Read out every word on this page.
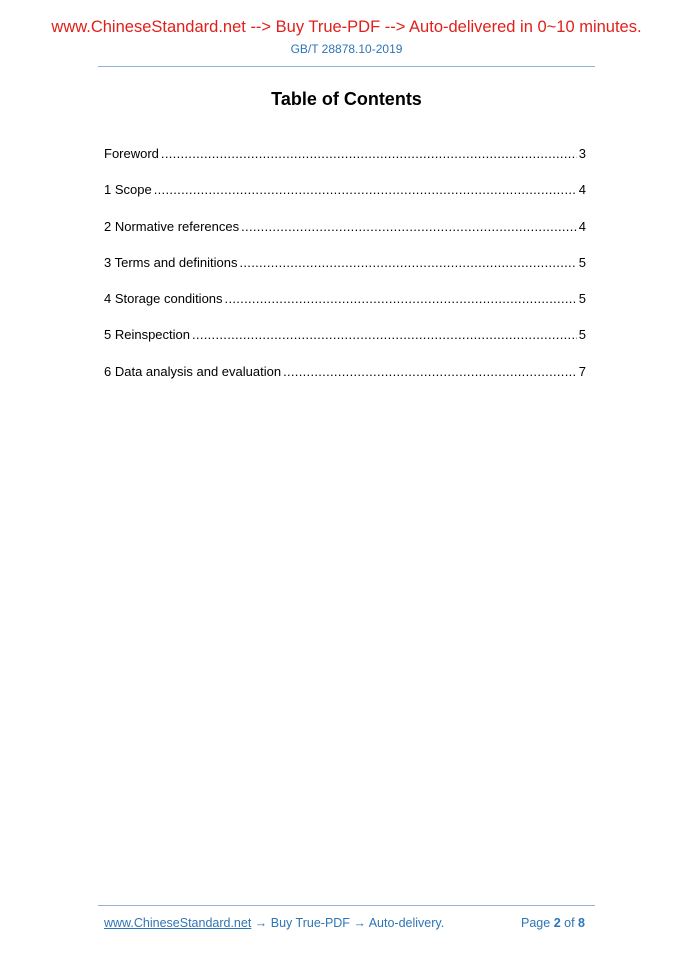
www.ChineseStandard.net --> Buy True-PDF --> Auto-delivered in 0~10 minutes.
GB/T 28878.10-2019
Table of Contents
Foreword .....	3
1 Scope .....	4
2 Normative references .....	4
3 Terms and definitions .....	5
4 Storage conditions .....	5
5 Reinspection .....	5
6 Data analysis and evaluation .....	7
www.ChineseStandard.net → Buy True-PDF → Auto-delivery.	Page 2 of 8
